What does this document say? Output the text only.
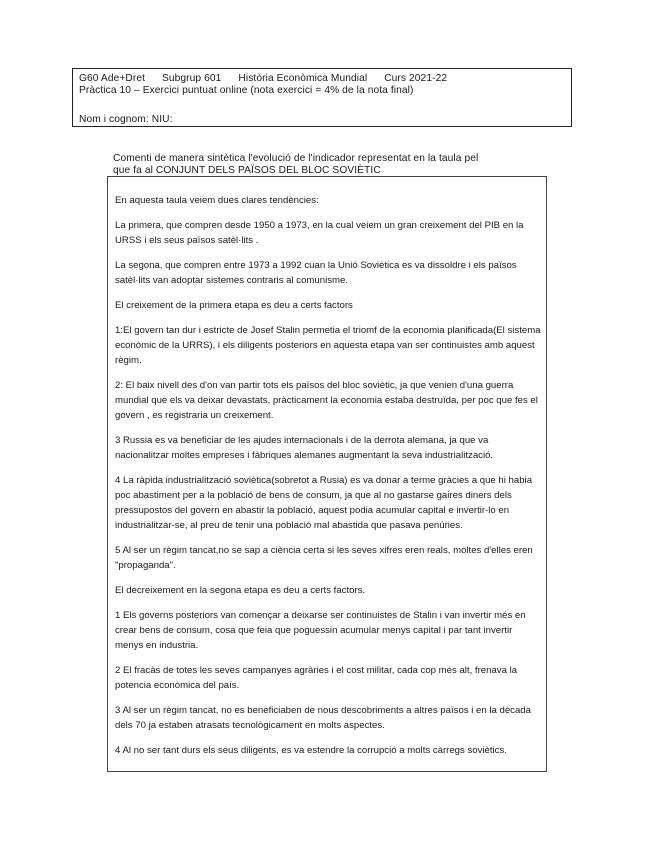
G60 Ade+Dret Subgrup 601 Història Econòmica Mundial Curs 2021-22
Pràctica 10 – Exercici puntuat online (nota exercici = 4% de la nota final)
Nom i cognom: NIU:
Comenti de manera sintètica l'evolució de l'indicador representat en la taula pel
que fa al CONJUNT DELS PAÏSOS DEL BLOC SOVIÈTIC

En aquesta taula veiem dues clares tendències:

La primera, que compren desde 1950 a 1973, en la cual veiem un gran creixement del PIB en la URSS i els seus països satèl·lits .

La segona, que compren entre 1973 a 1992 cuan la Unió Soviètica es va dissoldre i els països satèl·lits van adoptar sistemes contraris al comunisme.

El creixement de la primera etapa es deu a certs factors

1:El govern tan dur i estricte de Josef Stalin permetia el triomf de la economia planificada(El sistema econòmic de la URRS), i els diligents posteriors en aquesta etapa van ser continuistes amb aquest règim.

2: El baix nivell des d'on van partir tots els països del bloc soviètic, ja que venien d'una guerra mundial que els va deixar devastats, pràcticament la economia estaba destruïda, per poc que fes el govern , es registraria un creixement.

3 Russia es va beneficiar de les ajudes internacionals i de la derrota alemana, ja que va nacionalitzar moltes empreses i fàbriques alemanes augmentant la seva industrialització.

4 La ràpida industrialització soviètica(sobretot a Rusia) es va donar a terme gràcies a que hi habia poc abastiment per a la població de bens de consum, ja que al no gastarse gaires diners dels pressupostos del govern en abastir la població, aquest podia acumular capital e invertir-lo en industrialitzar-se, al preu de tenir una població mal abastida que pasava penúries.

5 Al ser un règim tancat,no se sap a ciència certa si les seves xifres eren reals, moltes d'elles eren "propaganda".

El decreixement en la segona etapa es deu a certs factors.

1 Els governs posteriors van començar a deixarse ser continuistes de Stalin i van invertir més en crear bens de consum, cosa que feia que poguessin acumular menys capital i par tant invertir menys en industria.

2 El fracàs de totes les seves campanyes agràries i el cost militar, cada cop més alt, frenava la potencia econòmica del país.

3 Al ser un règim tancat, no es beneficiaben de nous descobriments a altres països i en la dècada dels 70 ja estaben atrasats tecnològicament en molts aspectes.

4 Al no ser tant durs els seus diligents, es va estendre la corrupció a molts càrregs soviètics.
